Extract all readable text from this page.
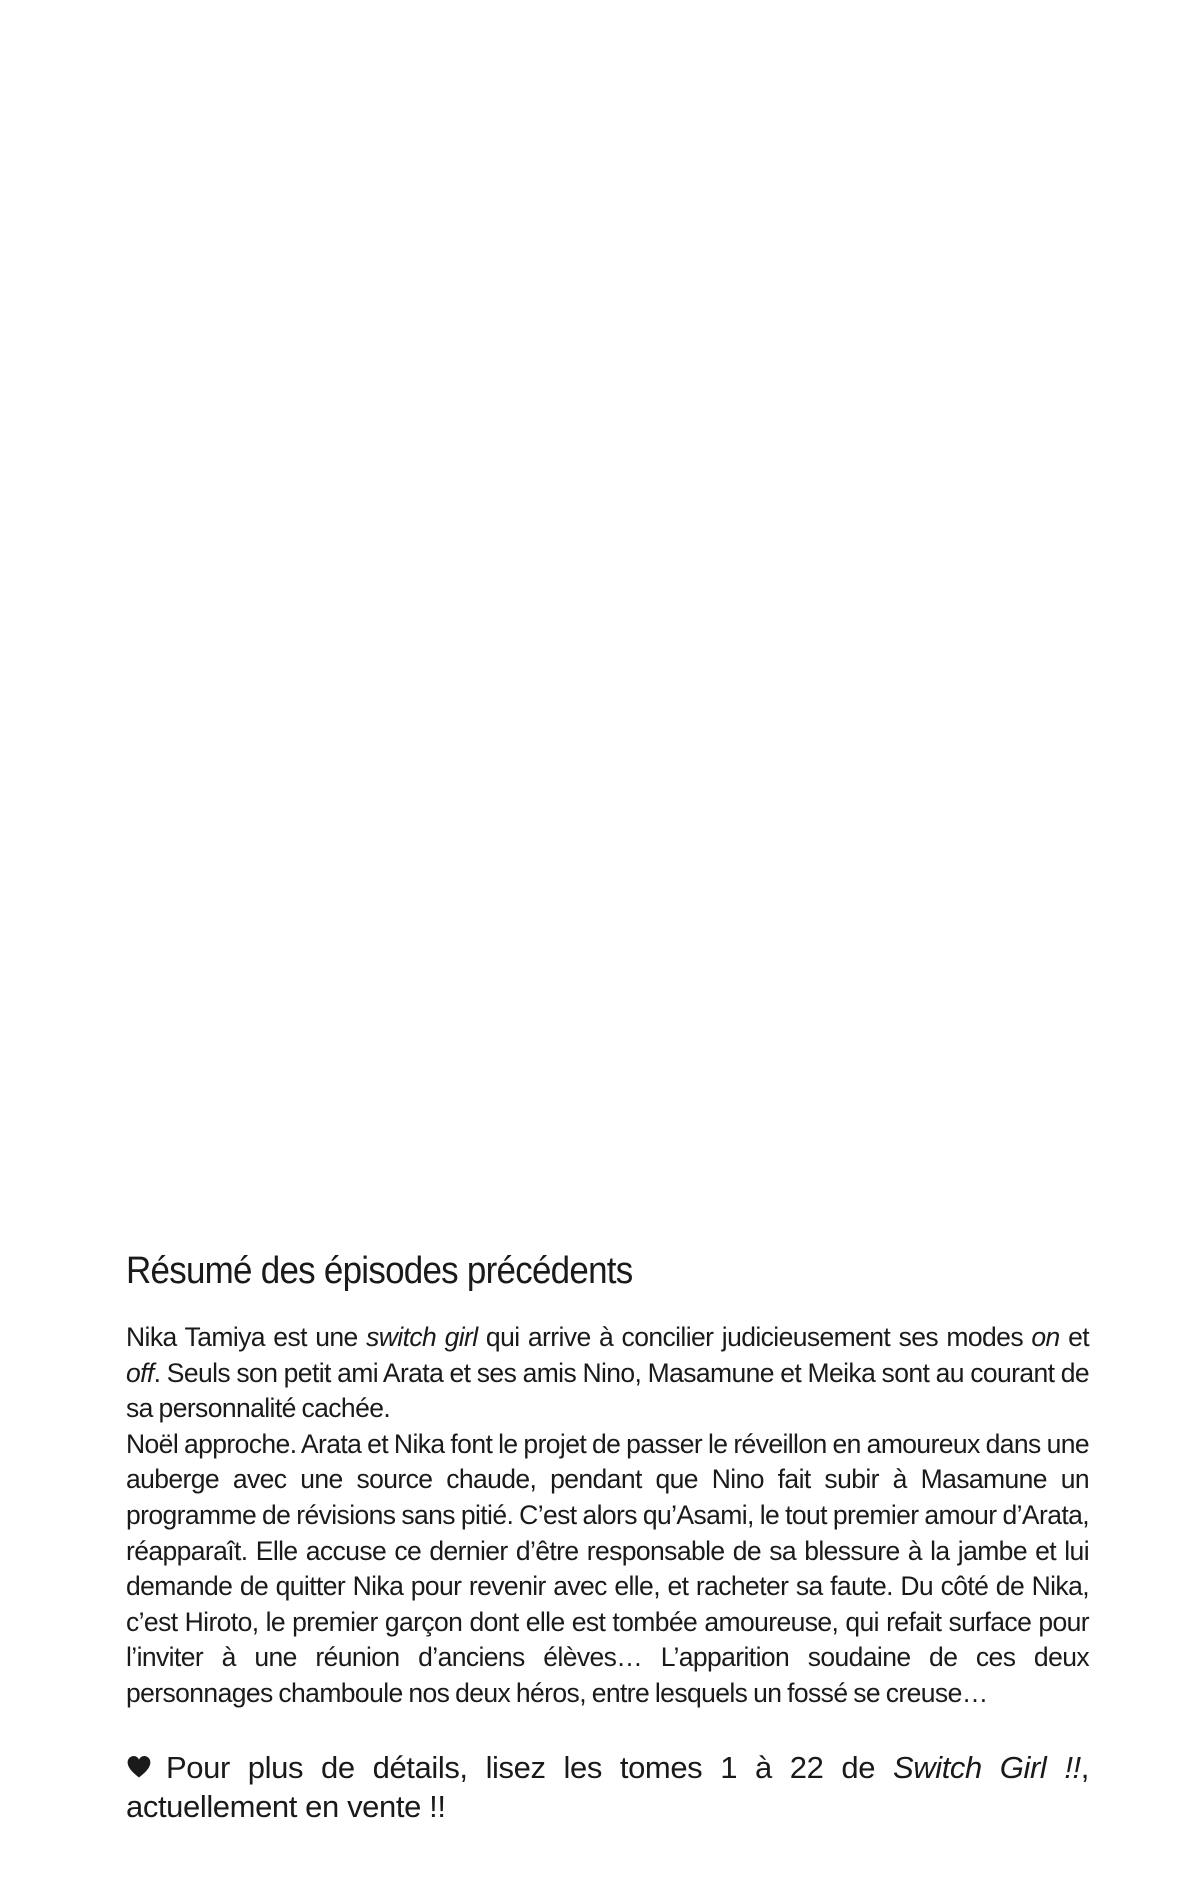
Résumé des épisodes précédents

Nika Tamiya est une switch girl qui arrive à concilier judicieusement ses modes on et off. Seuls son petit ami Arata et ses amis Nino, Masamune et Meika sont au courant de sa personnalité cachée.

Noël approche. Arata et Nika font le projet de passer le réveillon en amoureux dans une auberge avec une source chaude, pendant que Nino fait subir à Masamune un programme de révisions sans pitié. C’est alors qu’Asami, le tout premier amour d’Arata, réapparaît. Elle accuse ce dernier d’être responsable de sa blessure à la jambe et lui demande de quitter Nika pour revenir avec elle, et racheter sa faute. Du côté de Nika, c’est Hiroto, le premier garçon dont elle est tombée amoureuse, qui refait surface pour l’inviter à une réunion d’anciens élèves… L’apparition soudaine de ces deux personnages chamboule nos deux héros, entre lesquels un fossé se creuse…

Pour plus de détails, lisez les tomes 1 à 22 de Switch Girl !!, actuellement en vente !!
